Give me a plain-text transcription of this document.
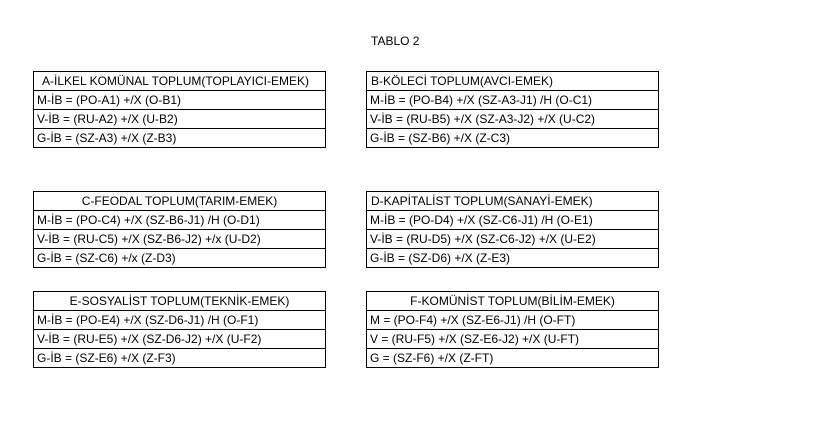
TABLO 2
A-İLKEL KOMÜNAL TOPLUM(TOPLAYICI-EMEK)
M-İB = (PO-A1) +/X (O-B1)
V-İB = (RU-A2) +/X (U-B2)
G-İB = (SZ-A3) +/X (Z-B3)
B-KÖLECİ TOPLUM(AVCI-EMEK)
M-İB = (PO-B4) +/X (SZ-A3-J1) /H (O-C1)
V-İB = (RU-B5) +/X (SZ-A3-J2) +/X (U-C2)
G-İB = (SZ-B6) +/X (Z-C3)
C-FEODAL TOPLUM(TARIM-EMEK)
M-İB = (PO-C4) +/X (SZ-B6-J1) /H (O-D1)
V-İB = (RU-C5) +/X (SZ-B6-J2) +/x (U-D2)
G-İB = (SZ-C6) +/x (Z-D3)
D-KAPİTALİST TOPLUM(SANAYİ-EMEK)
M-İB = (PO-D4) +/X (SZ-C6-J1) /H (O-E1)
V-İB = (RU-D5) +/X (SZ-C6-J2) +/X (U-E2)
G-İB = (SZ-D6) +/X (Z-E3)
E-SOSYALİST TOPLUM(TEKNİK-EMEK)
M-İB = (PO-E4) +/X (SZ-D6-J1) /H (O-F1)
V-İB = (RU-E5) +/X (SZ-D6-J2) +/X (U-F2)
G-İB = (SZ-E6) +/X (Z-F3)
F-KOMÜNİST TOPLUM(BİLİM-EMEK)
M = (PO-F4) +/X (SZ-E6-J1) /H (O-FT)
V = (RU-F5) +/X (SZ-E6-J2) +/X (U-FT)
G = (SZ-F6) +/X (Z-FT)
